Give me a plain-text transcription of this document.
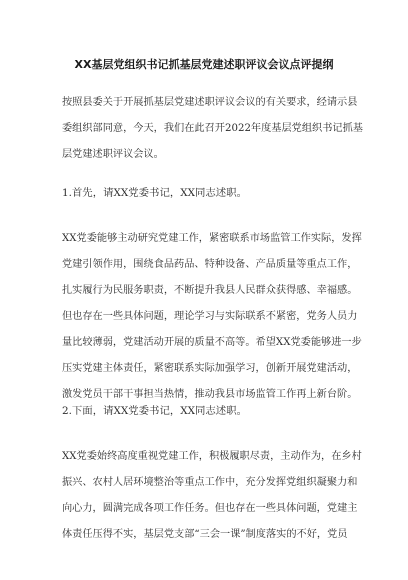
XX基层党组织书记抓基层党建述职评议会议点评提纲
按照县委关于开展抓基层党建述职评议会议的有关要求，经请示县
委组织部同意，今天，我们在此召开2022年度基层党组织书记抓基
层党建述职评议会议。
1.首先，请XX党委书记，XX同志述职。
XX党委能够主动研究党建工作，紧密联系市场监管工作实际，发挥
党建引领作用，围绕食品药品、特种设备、产品质量等重点工作，
扎实履行为民服务职责，不断提升我县人民群众获得感、幸福感。
但也存在一些具体问题，理论学习与实际联系不紧密，党务人员力
量比较薄弱，党建活动开展的质量不高等。希望XX党委能够进一步
压实党建主体责任，紧密联系实际加强学习，创新开展党建活动，
激发党员干部干事担当热情，推动我县市场监管工作再上新台阶。
2.下面，请XX党委书记，XX同志述职。
XX党委始终高度重视党建工作，积极履职尽责，主动作为，在乡村
振兴、农村人居环境整治等重点工作中，充分发挥党组织凝聚力和
向心力，圆满完成各项工作任务。但也存在一些具体问题，党建主
体责任压得不实，基层党支部“三会一课”制度落实的不好，党员
